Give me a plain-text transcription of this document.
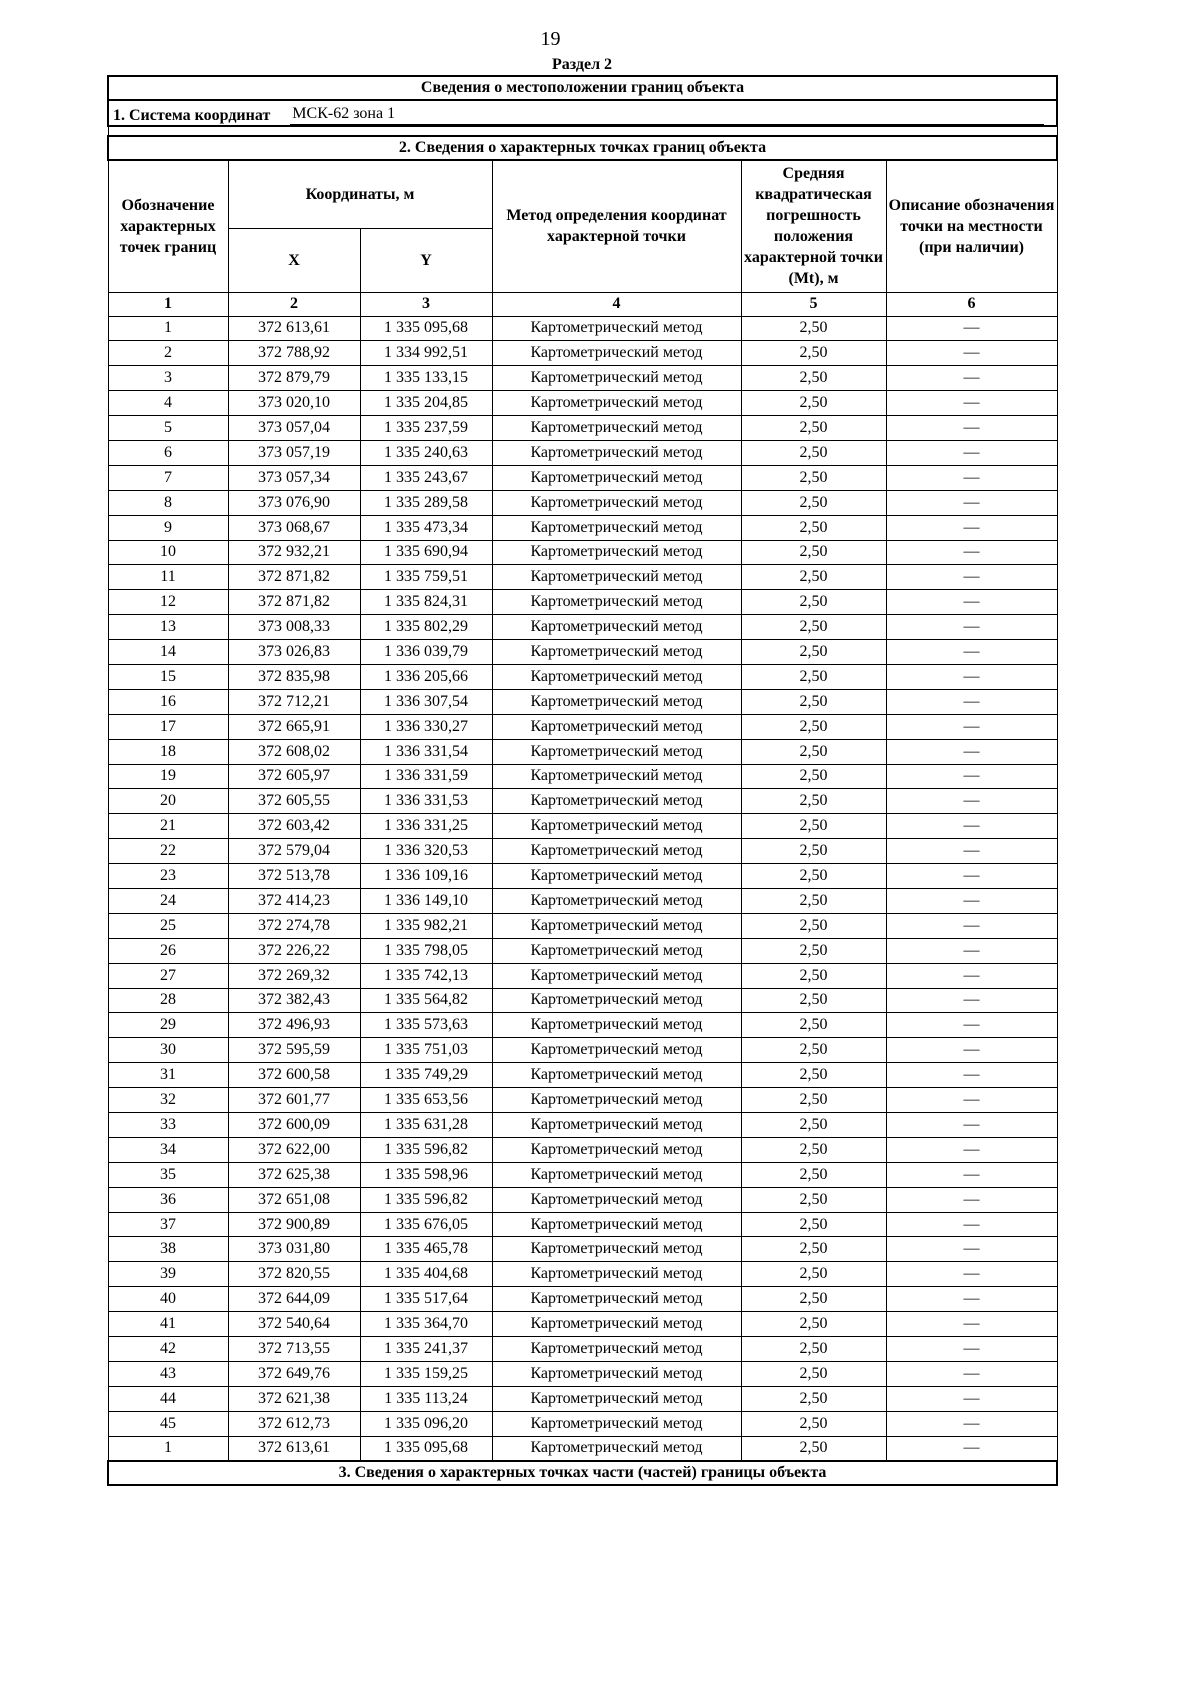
19
Раздел 2
Сведения о местоположении границ объекта					

1. Система координат МСК-62 зона 1					

2. Сведения о характерных точках границ объекта					
Обозначение характерных точек границ	Координаты, м		Метод определения координат характерной точки	Средняя квадратическая погрешность положения характерной точки (Mt), м	Описание обозначения точки на местности (при наличии)
	X	Y			
1	2	3	4	5	6
1	372 613,61	1 335 095,68	Картометрический метод	2,50	—
2	372 788,92	1 334 992,51	Картометрический метод	2,50	—
3	372 879,79	1 335 133,15	Картометрический метод	2,50	—
4	373 020,10	1 335 204,85	Картометрический метод	2,50	—
5	373 057,04	1 335 237,59	Картометрический метод	2,50	—
6	373 057,19	1 335 240,63	Картометрический метод	2,50	—
7	373 057,34	1 335 243,67	Картометрический метод	2,50	—
8	373 076,90	1 335 289,58	Картометрический метод	2,50	—
9	373 068,67	1 335 473,34	Картометрический метод	2,50	—
10	372 932,21	1 335 690,94	Картометрический метод	2,50	—
11	372 871,82	1 335 759,51	Картометрический метод	2,50	—
12	372 871,82	1 335 824,31	Картометрический метод	2,50	—
13	373 008,33	1 335 802,29	Картометрический метод	2,50	—
14	373 026,83	1 336 039,79	Картометрический метод	2,50	—
15	372 835,98	1 336 205,66	Картометрический метод	2,50	—
16	372 712,21	1 336 307,54	Картометрический метод	2,50	—
17	372 665,91	1 336 330,27	Картометрический метод	2,50	—
18	372 608,02	1 336 331,54	Картометрический метод	2,50	—
19	372 605,97	1 336 331,59	Картометрический метод	2,50	—
20	372 605,55	1 336 331,53	Картометрический метод	2,50	—
21	372 603,42	1 336 331,25	Картометрический метод	2,50	—
22	372 579,04	1 336 320,53	Картометрический метод	2,50	—
23	372 513,78	1 336 109,16	Картометрический метод	2,50	—
24	372 414,23	1 336 149,10	Картометрический метод	2,50	—
25	372 274,78	1 335 982,21	Картометрический метод	2,50	—
26	372 226,22	1 335 798,05	Картометрический метод	2,50	—
27	372 269,32	1 335 742,13	Картометрический метод	2,50	—
28	372 382,43	1 335 564,82	Картометрический метод	2,50	—
29	372 496,93	1 335 573,63	Картометрический метод	2,50	—
30	372 595,59	1 335 751,03	Картометрический метод	2,50	—
31	372 600,58	1 335 749,29	Картометрический метод	2,50	—
32	372 601,77	1 335 653,56	Картометрический метод	2,50	—
33	372 600,09	1 335 631,28	Картометрический метод	2,50	—
34	372 622,00	1 335 596,82	Картометрический метод	2,50	—
35	372 625,38	1 335 598,96	Картометрический метод	2,50	—
36	372 651,08	1 335 596,82	Картометрический метод	2,50	—
37	372 900,89	1 335 676,05	Картометрический метод	2,50	—
38	373 031,80	1 335 465,78	Картометрический метод	2,50	—
39	372 820,55	1 335 404,68	Картометрический метод	2,50	—
40	372 644,09	1 335 517,64	Картометрический метод	2,50	—
41	372 540,64	1 335 364,70	Картометрический метод	2,50	—
42	372 713,55	1 335 241,37	Картометрический метод	2,50	—
43	372 649,76	1 335 159,25	Картометрический метод	2,50	—
44	372 621,38	1 335 113,24	Картометрический метод	2,50	—
45	372 612,73	1 335 096,20	Картометрический метод	2,50	—
1	372 613,61	1 335 095,68	Картометрический метод	2,50	—
3. Сведения о характерных точках части (частей) границы объекта					
